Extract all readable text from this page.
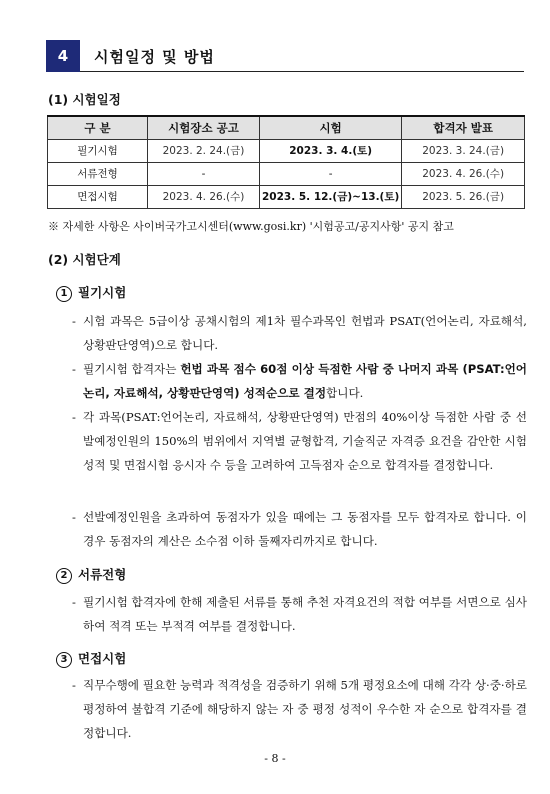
4	시험일정 및 방법
(1) 시험일정
구 분	시험장소 공고	시험	합격자 발표
필기시험	2023. 2. 24.(금)	2023. 3. 4.(토)	2023. 3. 24.(금)
서류전형	-	-	2023. 4. 26.(수)
면접시험	2023. 4. 26.(수)	2023. 5. 12.(금)~13.(토)	2023. 5. 26.(금)
※ 자세한 사항은 사이버국가고시센터(www.gosi.kr) '시험공고/공지사항' 공지 참고
(2) 시험단계
1 필기시험
- 시험 과목은 5급이상 공채시험의 제1차 필수과목인 헌법과 PSAT(언어논리, 자료해석, 상황판단영역)으로 합니다.
- 필기시험 합격자는 헌법 과목 점수 60점 이상 득점한 사람 중 나머지 과목 (PSAT:언어논리, 자료해석, 상황판단영역) 성적순으로 결정합니다.
- 각 과목(PSAT:언어논리, 자료해석, 상황판단영역) 만점의 40%이상 득점한 사람 중 선발예정인원의 150%의 범위에서 지역별 균형합격, 기술직군 자격증 요건을 감안한 시험성적 및 면접시험 응시자 수 등을 고려하여 고득점자 순으로 합격자를 결정합니다.
- 선발예정인원을 초과하여 동점자가 있을 때에는 그 동점자를 모두 합격자로 합니다. 이 경우 동점자의 계산은 소수점 이하 둘째자리까지로 합니다.
2 서류전형
- 필기시험 합격자에 한해 제출된 서류를 통해 추천 자격요건의 적합 여부를 서면으로 심사하여 적격 또는 부적격 여부를 결정합니다.
3 면접시험
- 직무수행에 필요한 능력과 적격성을 검증하기 위해 5개 평정요소에 대해 각각 상·중·하로 평정하여 불합격 기준에 해당하지 않는 자 중 평정 성적이 우수한 자 순으로 합격자를 결정합니다.
- 8 -
